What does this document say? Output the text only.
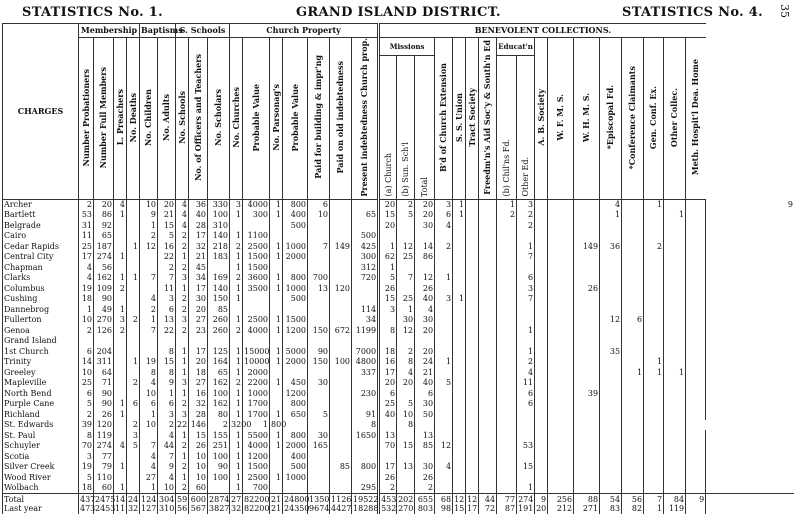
STATISTICS No. 1.	GRAND ISLAND DISTRICT.	STATISTICS No. 4. 35
CHARGES	Membership				Baptisms		S. Schools			Church Property							BENEVOLENT COLLECTIONS.																	
	Number Probationers	Number Full Members	L. Preachers	No. Deaths	No. Children	No. Adults	No. Schools	No. of Officers and Teachers	No. Scholars	No. Churches	Probable Value	No. Parsonag's	Probable Value	Paid for building & impr'ng	Paid on old indebtedness	Present indebtedness Church prop.	Missions			B'd of Church Extension	S. S. Union	Tract Society	Freedm'n's Aid Soc'y & South'n Ed	Educat'n		A. B. Society	W. F. M. S.	W. H. M. S.	*Episcopal Fd.	*Conference Claimants	Gen. Conf. Ex.	Other Collec.	Meth. Hospit'l Dea. Home	
																	(a) Church	(b) Sun. Sch'l	Total					(b) Chil'ns Fd.	Other Ed.									
Archer	2	20	4		10	20	4	36	330	3	4000	1	800	6			20	2	20	3	1			1	3				4		1			9
Bartlett	53	86	1		9	21	4	40	100	1	300	1	400	10		65	15	5	20	6	1			2	2				1			1		
Belgrade	31	92			1	15	4	28	310				500				20		30	4					2									
Cairo	11	65			2	5	2	17	140	1	1100					500																		
Cedar Rapids	25	187		1	12	16	2	32	218	2	2500	1	1000	7	149	425	1	12	14	2					1			149	36		2			
Central City	17	274	1			22	1	21	183	1	1500	1	2000			300	62	25	86						7									
Chapman	4	56				2	2	45		1	1500					312	1																	
Clarks	4	162	1	1	7	7	3	34	169	2	3600	1	800	700		720	5	7	12	1					6									
Columbus	19	109	2			11	1	17	140	1	3500	1	1000	13	120		26		26						3			26						
Cushing	18	90			4	3	2	30	150	1			500				15	25	40	3	1				7									
Dannebrog	1	49	1		2	6	2	20	85							114	3	1	4															
Fullerton	10	270	3	2	1	13	3	27	260	1	2500	1	1500			34		30	30										12	6				
Genoa	2	126	2		7	22	2	23	260	2	4000	1	1200	150	672	1199	8	12	20						1									
Grand Island																																		
1st Church	6	204				8	1	17	125	1	15000	1	5000	90		7000	18	2	20						1				35					
Trinity	14	311		1	19	15	1	20	164	1	10000	1	2000	150	100	4800	16	8	24	1					2						1			
Greeley	10	64			8	8	1	18	65	1	2000					337	17	4	21						4					1	1	1		
Mapleville	25	71		2	4	9	3	27	162	2	2200	1	450	30			20	20	40	5					11									
North Bend	6	90			10	1	1	16	100	1	1000		1200			230	6		6						6			39						
Purple Cane	5	90	1	6	6	6	2	32	162	1	1700		800				25	5	30						6									
Richland	2	26	1		1	3	3	28	80	1	1700	1	650	5		91	40	10	50															
St. Edwards	39	120		2	10	2	22	146	2	3200	1	800				8		8																
St. Paul	8	119		3		4	1	15	155	1	5500	1	800	30		1650	13		13															
Schuyler	70	274	4	5	7	44	2	26	251	1	4000	1	2000	165			70	15	85	12					53									
Scotia	3	77			4	7	1	10	100	1	1200		400																					
Silver Creek	19	79	1		4	9	2	10	90	1	1500		500		85	800	17	13	30	4					15									
Wood River	5	110			27	4	1	10	100	1	2500	1	1000				26		26															
Wolbach	18	60	1		1	10	2	60		1	700					295	2		2						1									
Total	437	2475	14	24	124	304	59	600	2874	27	82200	21	24800	1350	1126	19522	453	202	655	68	12	12	44	77	274	9	256	88	54	56	7	84	9	
Last year	473	2453	11	32	127	310	56	567	3827	32	82200	21	24350	9674	4427	18288	532	270	803	98	15	17	72	87	191	20	212	271	83	82	1	119		
